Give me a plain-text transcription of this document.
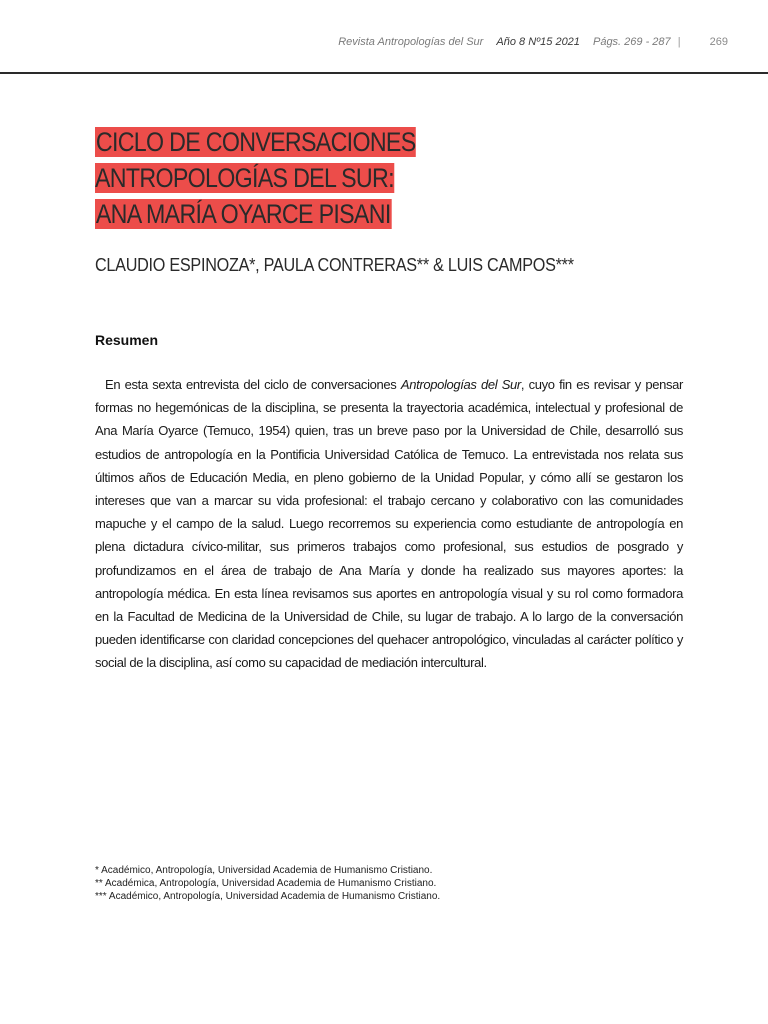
Revista Antropologías del Sur Año 8 Nº15 2021 Págs. 269 - 287 |	269
CICLO DE CONVERSACIONES ANTROPOLOGÍAS DEL SUR:
ANA MARÍA OYARCE PISANI
CLAUDIO ESPINOZA*, PAULA CONTRERAS** & LUIS CAMPOS***
Resumen

En esta sexta entrevista del ciclo de conversaciones Antropologías del Sur, cuyo fin es revisar y pensar formas no hegemónicas de la disciplina, se presenta la trayectoria académica, intelectual y profesional de Ana María Oyarce (Temuco, 1954) quien, tras un breve paso por la Universidad de Chile, desarrolló sus estudios de antropología en la Pontificia Universidad Católica de Temuco. La entrevistada nos relata sus últimos años de Educación Media, en pleno gobierno de la Unidad Popular, y cómo allí se gestaron los intereses que van a marcar su vida profesional: el trabajo cercano y colaborativo con las comunidades mapuche y el campo de la salud. Luego recorremos su experiencia como estudiante de antropología en plena dictadura cívico-militar, sus primeros trabajos como profesional, sus estudios de posgrado y profundizamos en el área de trabajo de Ana María y donde ha realizado sus mayores aportes: la antropología médica. En esta línea revisamos sus aportes en antropología visual y su rol como formadora en la Facultad de Medicina de la Universidad de Chile, su lugar de trabajo. A lo largo de la conversación pueden identificarse con claridad concepciones del quehacer antropológico, vinculadas al carácter político y social de la disciplina, así como su capacidad de mediación intercultural.

* Académico, Antropología, Universidad Academia de Humanismo Cristiano.
** Académica, Antropología, Universidad Academia de Humanismo Cristiano.
*** Académico, Antropología, Universidad Academia de Humanismo Cristiano.
